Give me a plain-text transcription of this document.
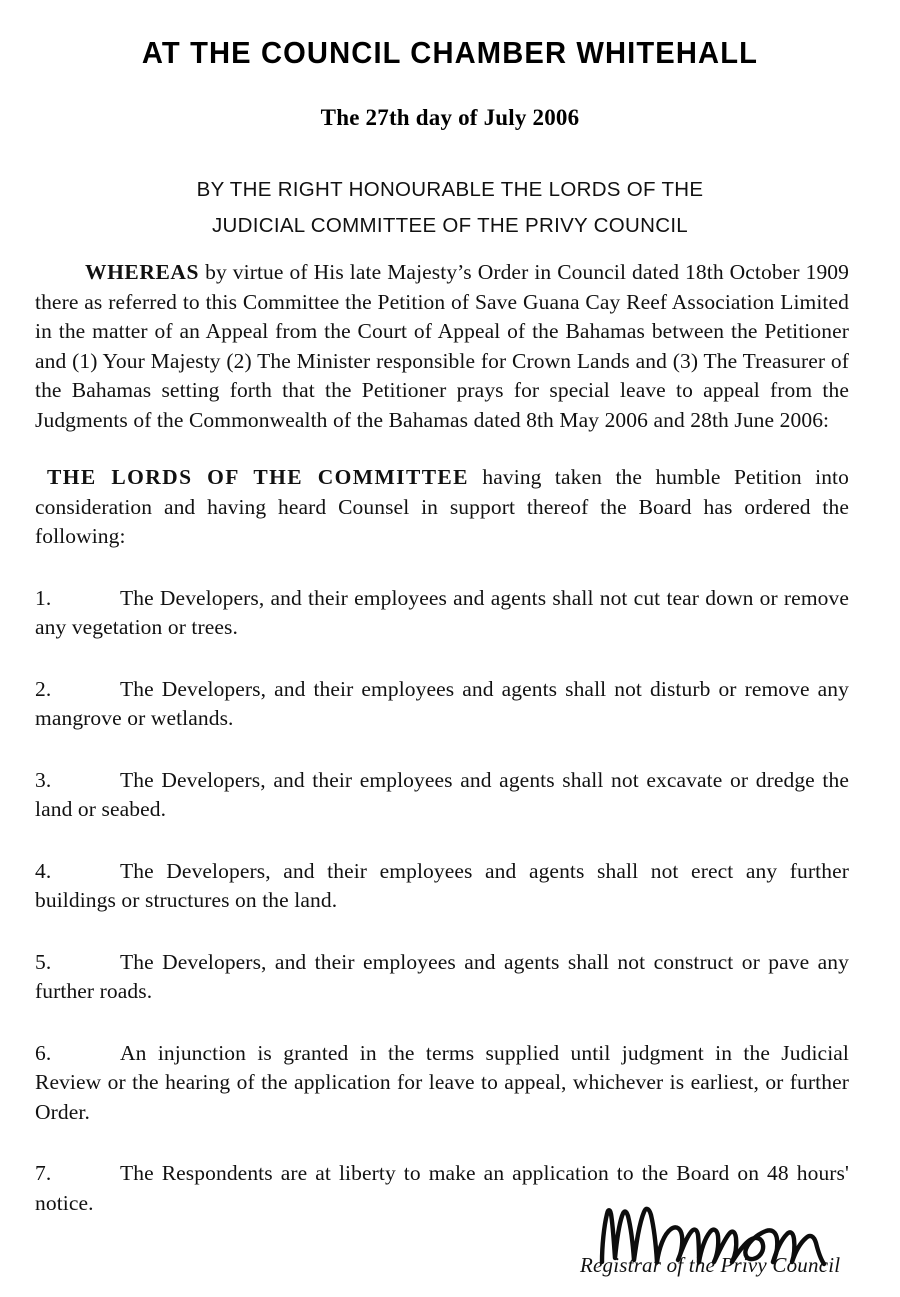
AT THE COUNCIL CHAMBER WHITEHALL
The 27th day of July 2006
BY THE RIGHT HONOURABLE THE LORDS OF THE
JUDICIAL COMMITTEE OF THE PRIVY COUNCIL

WHEREAS by virtue of His late Majesty’s Order in Council dated 18th October 1909 there as referred to this Committee the Petition of Save Guana Cay Reef Association Limited in the matter of an Appeal from the Court of Appeal of the Bahamas between the Petitioner and (1) Your Majesty (2) The Minister responsible for Crown Lands and (3) The Treasurer of the Bahamas setting forth that the Petitioner prays for special leave to appeal from the Judgments of the Commonwealth of the Bahamas dated 8th May 2006 and 28th June 2006:

THE LORDS OF THE COMMITTEE having taken the humble Petition into consideration and having heard Counsel in support thereof the Board has ordered the following:

1.	The Developers, and their employees and agents shall not cut tear down or remove any vegetation or trees.
2.	The Developers, and their employees and agents shall not disturb or remove any mangrove or wetlands.
3.	The Developers, and their employees and agents shall not excavate or dredge the land or seabed.
4.	The Developers, and their employees and agents shall not erect any further buildings or structures on the land.
5.	The Developers, and their employees and agents shall not construct or pave any further roads.
6.	An injunction is granted in the terms supplied until judgment in the Judicial Review or the hearing of the application for leave to appeal, whichever is earliest, or further Order.
7.	The Respondents are at liberty to make an application to the Board on 48 hours' notice.
Registrar of the Privy Council
